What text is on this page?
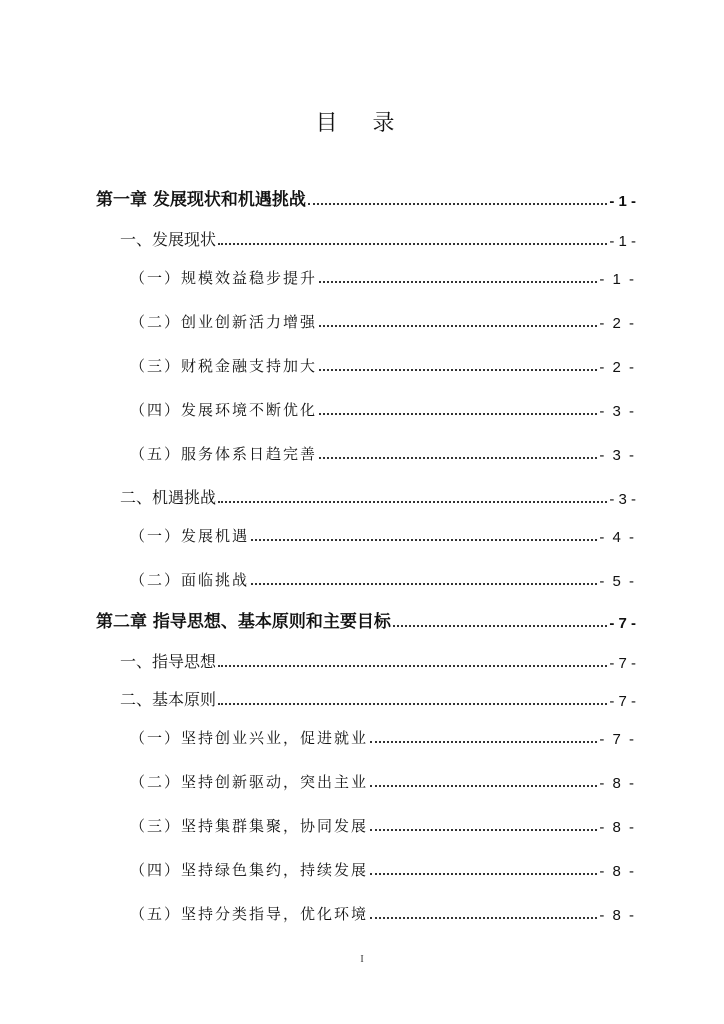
目 录
第一章 发展现状和机遇挑战	- 1 -
一、发展现状	- 1 -
（一）规模效益稳步提升	- 1 -
（二）创业创新活力增强	- 2 -
（三）财税金融支持加大	- 2 -
（四）发展环境不断优化	- 3 -
（五）服务体系日趋完善	- 3 -
二、机遇挑战	- 3 -
（一）发展机遇	- 4 -
（二）面临挑战	- 5 -
第二章 指导思想、基本原则和主要目标	- 7 -
一、指导思想	- 7 -
二、基本原则	- 7 -
（一）坚持创业兴业，促进就业	- 7 -
（二）坚持创新驱动，突出主业	- 8 -
（三）坚持集群集聚，协同发展	- 8 -
（四）坚持绿色集约，持续发展	- 8 -
（五）坚持分类指导，优化环境	- 8 -
I
